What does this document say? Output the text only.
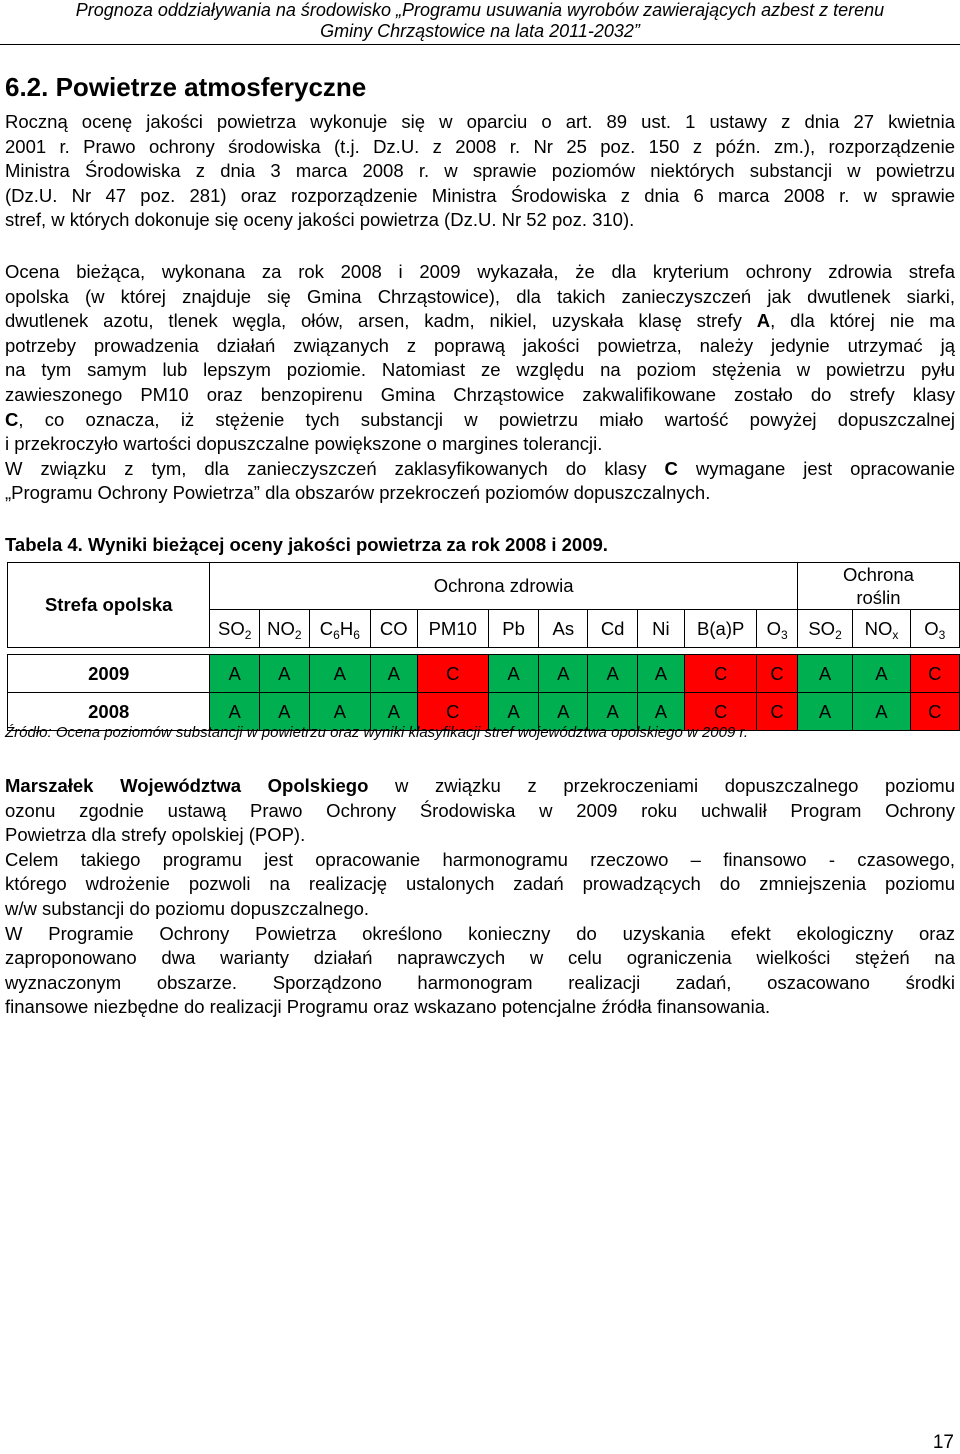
Prognoza oddziaływania na środowisko „Programu usuwania wyrobów zawierających azbest z terenu
Gminy Chrząstowice na lata 2011-2032”
6.2. Powietrze atmosferyczne
Roczną ocenę jakości powietrza wykonuje się w oparciu o art. 89 ust. 1 ustawy z dnia 27 kwietnia
2001 r. Prawo ochrony środowiska (t.j. Dz.U. z 2008 r. Nr 25 poz. 150 z późn. zm.), rozporządzenie
Ministra Środowiska z dnia 3 marca 2008 r. w sprawie poziomów niektórych substancji w powietrzu
(Dz.U. Nr 47 poz. 281) oraz rozporządzenie Ministra Środowiska z dnia 6 marca 2008 r. w sprawie
stref, w których dokonuje się oceny jakości powietrza (Dz.U. Nr 52 poz. 310).
Ocena bieżąca, wykonana za rok 2008 i 2009 wykazała, że dla kryterium ochrony zdrowia strefa
opolska (w której znajduje się Gmina Chrząstowice), dla takich zanieczyszczeń jak dwutlenek siarki,
dwutlenek azotu, tlenek węgla, ołów, arsen, kadm, nikiel, uzyskała klasę strefy A, dla której nie ma
potrzeby prowadzenia działań związanych z poprawą jakości powietrza, należy jedynie utrzymać ją
na tym samym lub lepszym poziomie. Natomiast ze względu na poziom stężenia w powietrzu pyłu
zawieszonego PM10 oraz benzopirenu Gmina Chrząstowice zakwalifikowane zostało do strefy klasy
C, co oznacza, iż stężenie tych substancji w powietrzu miało wartość powyżej dopuszczalnej
i przekroczyło wartości dopuszczalne powiększone o margines tolerancji.
W związku z tym, dla zanieczyszczeń zaklasyfikowanych do klasy C wymagane jest opracowanie
„Programu Ochrony Powietrza” dla obszarów przekroczeń poziomów dopuszczalnych.
Tabela 4. Wyniki bieżącej oceny jakości powietrza za rok 2008 i 2009.
Strefa opolska	Ochrona zdrowia											Ochrona
roślin		

	$SO_2$	$NO_2$	$C_6H_6$	CO	PM10	Pb	As	Cd	Ni	B(a)P	$O_3$	$SO_2$	$NO_x$	$O_3$

2009	A	A	A	A	C	A	A	A	A	C	C	A	A	C
2008	A	A	A	A	C	A	A	A	A	C	C	A	A	C
Źródło: Ocena poziomów substancji w powietrzu oraz wyniki klasyfikacji stref województwa opolskiego w 2009 r.
Marszałek Województwa Opolskiego w związku z przekroczeniami dopuszczalnego poziomu
ozonu zgodnie ustawą Prawo Ochrony Środowiska w 2009 roku uchwalił Program Ochrony
Powietrza dla strefy opolskiej (POP).
Celem takiego programu jest opracowanie harmonogramu rzeczowo – finansowo - czasowego,
którego wdrożenie pozwoli na realizację ustalonych zadań prowadzących do zmniejszenia poziomu
w/w substancji do poziomu dopuszczalnego.
W Programie Ochrony Powietrza określono konieczny do uzyskania efekt ekologiczny oraz
zaproponowano dwa warianty działań naprawczych w celu ograniczenia wielkości stężeń na
wyznaczonym obszarze. Sporządzono harmonogram realizacji zadań, oszacowano środki
finansowe niezbędne do realizacji Programu oraz wskazano potencjalne źródła finansowania.
17
